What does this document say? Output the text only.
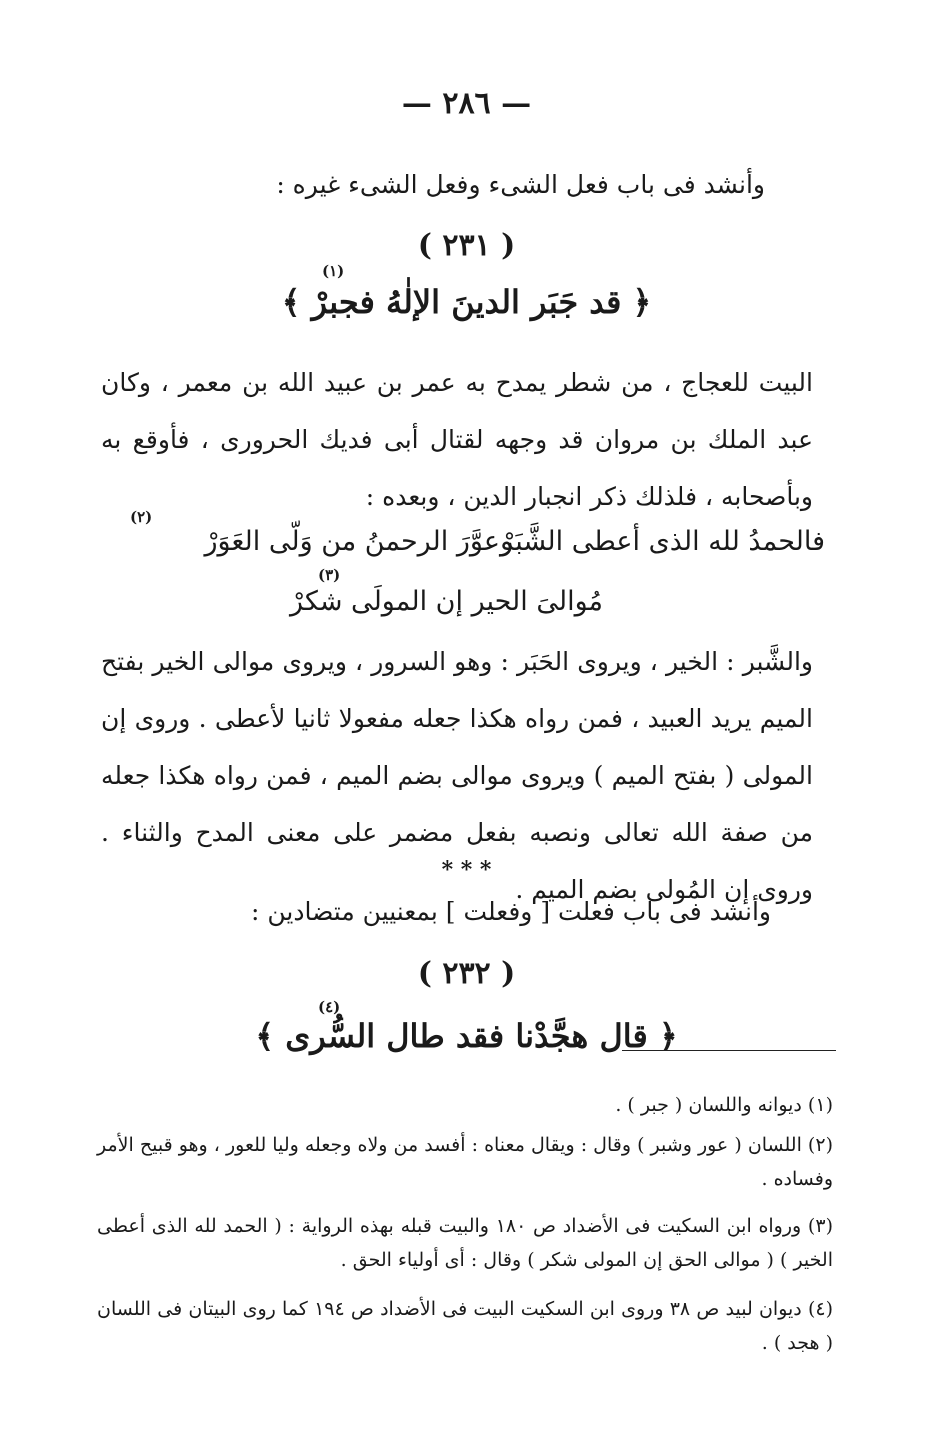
— ٢٨٦ —
وأنشد فى باب فعل الشىء وفعل الشىء غيره :
( ٢٣١ )
(١)
﴿ قد جَبَر الدينَ الإلٰهُ فجبرْ ﴾

البيت للعجاج ، من شطر يمدح به عمر بن عبيد الله بن معمر ، وكان عبد الملك بن مروان قد وجهه لقتال أبى فديك الحرورى ، فأوقع به وبأصحابه ، فلذلك ذكر انجبار الدين ، وبعده :

(٢)
فالحمدُ لله الذى أعطى الشَّبَرْ
وعوَّرَ الرحمنُ من وَلّى العَوَرْ
(٣)
مُوالىَ الحير إن المولَى شكرْ

والشَّبر : الخير ، ويروى الحَبَر : وهو السرور ، ويروى موالى الخير بفتح الميم يريد العبيد ، فمن رواه هكذا جعله مفعولا ثانيا لأعطى . وروى إن المولى ( بفتح الميم ) ويروى موالى بضم الميم ، فمن رواه هكذا جعله من صفة الله تعالى ونصبه بفعل مضمر على معنى المدح والثناء . وروى إن المُولى بضم الميم .

* * *
وأنشد فى باب فعلت [ وفعلت ] بمعنيين متضادين :
( ٢٣٢ )
(٤)
﴿ قال هجَّدْنا فقد طال السُّرى ﴾

(١) ديوانه واللسان ( جبر ) .

(٢) اللسان ( عور وشبر ) وقال : ويقال معناه : أفسد من ولاه وجعله وليا للعور ، وهو قبيح الأمر وفساده .

(٣) ورواه ابن السكيت فى الأضداد ص ١٨٠ والبيت قبله بهذه الرواية : ( الحمد لله الذى أعطى الخير ) ( موالى الحق إن المولى شكر ) وقال : أى أولياء الحق .

(٤) ديوان لبيد ص ٣٨ وروى ابن السكيت البيت فى الأضداد ص ١٩٤ كما روى البيتان فى اللسان ( هجد ) .
